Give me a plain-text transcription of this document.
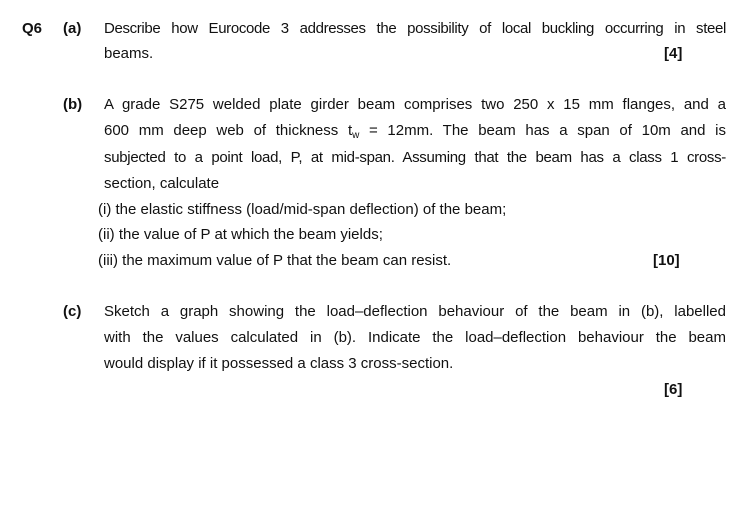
Q6 (a) Describe how Eurocode 3 addresses the possibility of local buckling occurring in steel
beams.	[4]
(b) A grade S275 welded plate girder beam comprises two 250 x 15 mm flanges, and a
600 mm deep web of thickness $t_w = 12mm$. The beam has a span of 10m and is
subjected to a point load, P, at mid-span. Assuming that the beam has a class 1 cross-
section, calculate
(i) the elastic stiffness (load/mid-span deflection) of the beam;
(ii) the value of P at which the beam yields;
(iii) the maximum value of P that the beam can resist.	[10]
(c) Sketch a graph showing the load–deflection behaviour of the beam in (b), labelled
with the values calculated in (b). Indicate the load–deflection behaviour the beam
would display if it possessed a class 3 cross-section.
[6]
